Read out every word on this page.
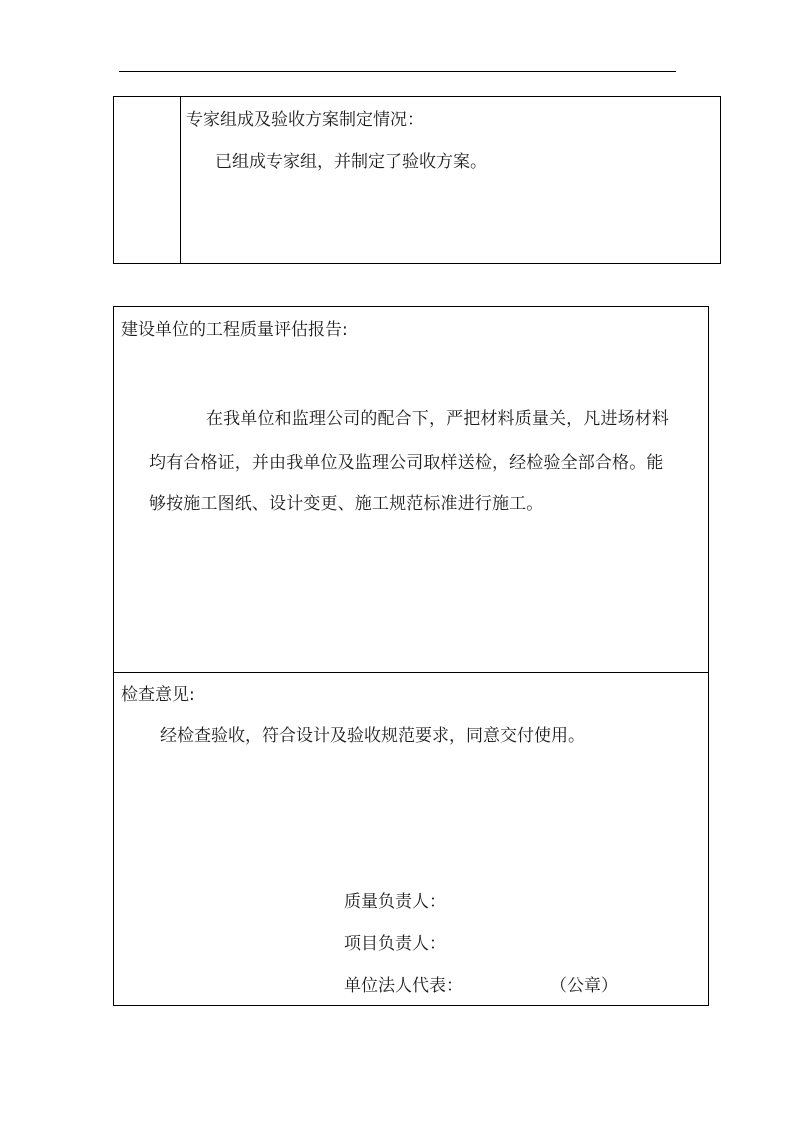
专家组成及验收方案制定情况：
已组成专家组，并制定了验收方案。
建设单位的工程质量评估报告:
在我单位和监理公司的配合下，严把材料质量关，凡进场材料
均有合格证，并由我单位及监理公司取样送检，经检验全部合格。能
够按施工图纸、设计变更、施工规范标准进行施工。
检查意见:
经检查验收，符合设计及验收规范要求，同意交付使用。
质量负责人：
项目负责人：
单位法人代表：	（公章）
